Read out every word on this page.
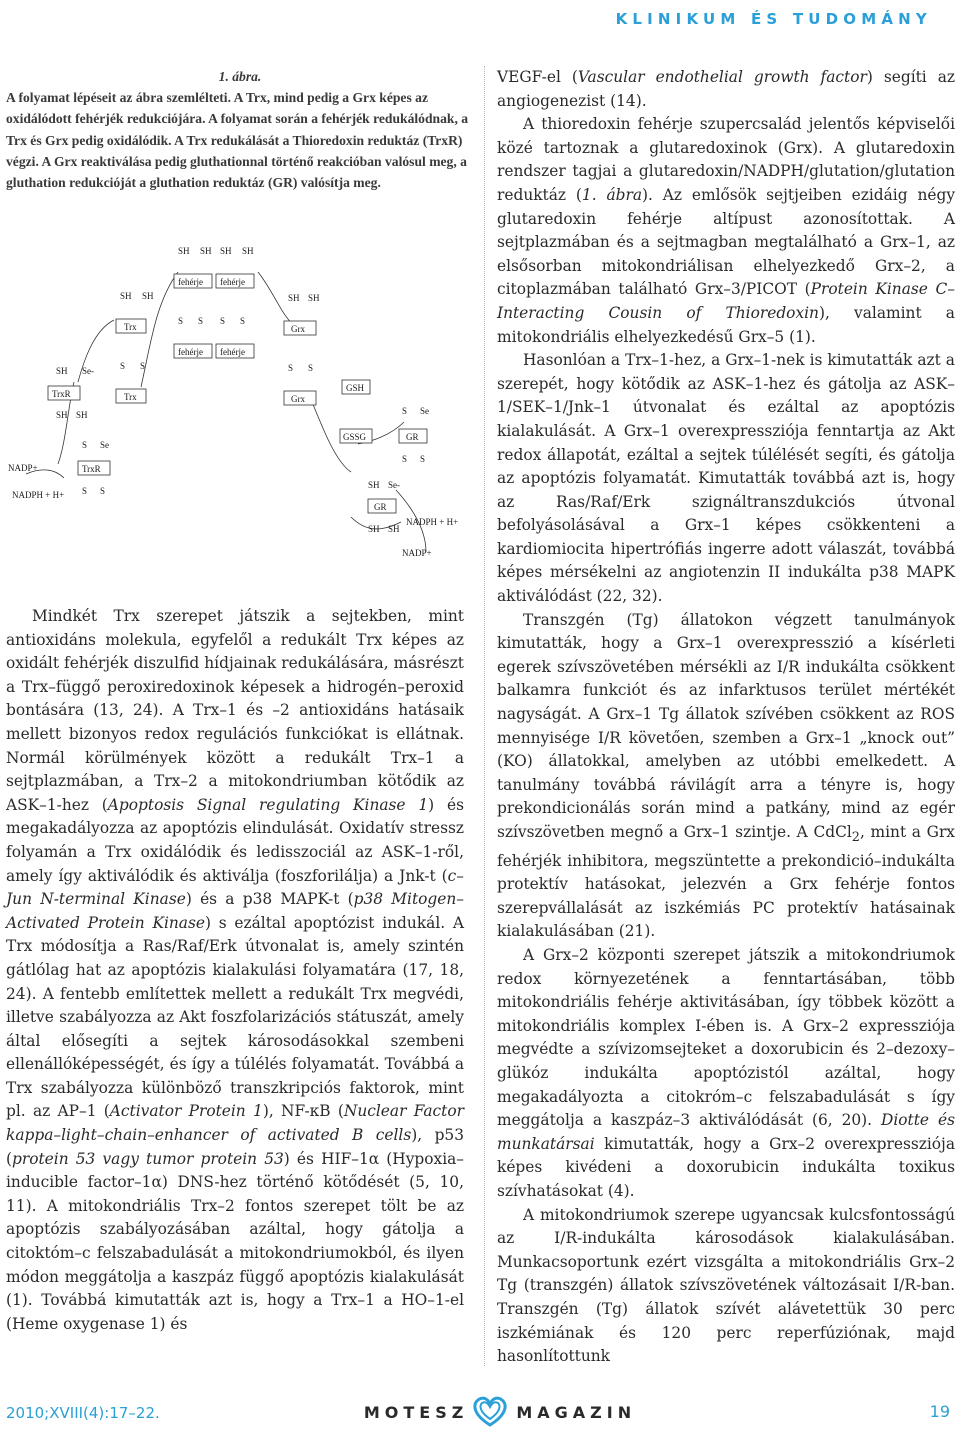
KLINIKUM ÉS TUDOMÁNY
1. ábra.
A folyamat lépéseit az ábra szemlélteti. A Trx, mind pedig a Grx képes az oxidálódott fehérjék redukciójára. A folyamat során a fehérjék redukálódnak, a Trx és Grx pedig oxidálódik. A Trx redukálását a Thioredoxin reduktáz (TrxR) végzi. A Grx reaktiválása pedig gluthationnal történő reakcióban valósul meg, a gluthation redukcióját a gluthation reduktáz (GR) valósítja meg.
NADP+
NADPH + H+
SH Se-
TrxR
SH SH
S Se
TrxR
S S
SH SH
Trx
S S
Trx
SH SH SH SH
fehérje fehérje
S S S S
fehérje fehérje
SH SH
Grx
S S
Grx
GSH
GSSG
S Se
GR
S S
SH Se-
GR
SH SH
NADPH + H+
NADP+
Mindkét Trx szerepet játszik a sejtekben, mint antioxidáns molekula, egyfelől a redukált Trx képes az oxidált fehérjék diszulfid hídjainak redukálására, másrészt a Trx–függő peroxiredoxinok képesek a hidrogén–peroxid bontására (13, 24). A Trx–1 és –2 antioxidáns hatásaik mellett bizonyos redox regulációs funkciókat is ellátnak. Normál körülmények között a redukált Trx–1 a sejtplazmában, a Trx–2 a mitokondriumban kötődik az ASK–1-hez (Apoptosis Signal regulating Kinase 1) és megakadályozza az apoptózis elindulását. Oxidatív stressz folyamán a Trx oxidálódik és ledisszociál az ASK–1-ről, amely így aktiválódik és aktiválja (foszforilálja) a Jnk-t (c–Jun N-terminal Kinase) és a p38 MAPK-t (p38 Mitogen–Activated Protein Kinase) s ezáltal apoptózist indukál. A Trx módosítja a Ras/Raf/Erk útvonalat is, amely szintén gátlólag hat az apoptózis kialakulási folyamatára (17, 18, 24). A fentebb említettek mellett a redukált Trx megvédi, illetve szabályozza az Akt foszfolarizációs státuszát, amely által elősegíti a sejtek károsodásokkal szembeni ellenállóképességét, és így a túlélés folyamatát. Továbbá a Trx szabályozza különböző transzkripciós faktorok, mint pl. az AP–1 (Activator Protein 1), NF-κB (Nuclear Factor kappa–light–chain–enhancer of activated B cells), p53 (protein 53 vagy tumor protein 53) és HIF–1α (Hypoxia–inducible factor–1α) DNS-hez történő kötődését (5, 10, 11). A mitokondriális Trx–2 fontos szerepet tölt be az apoptózis szabályozásában azáltal, hogy gátolja a citoktóm–c felszabadulását a mitokondriumokból, és ilyen módon meggátolja a kaszpáz függő apoptózis kialakulását (1). Továbbá kimutatták azt is, hogy a Trx–1 a HO–1-el (Heme oxygenase 1) és

VEGF-el (Vascular endothelial growth factor) segíti az angiogenezist (14).

A thioredoxin fehérje szupercsalád jelentős képviselői közé tartoznak a glutaredoxinok (Grx). A glutaredoxin rendszer tagjai a glutaredoxin/NADPH/glutation/glutation reduktáz (1. ábra). Az emlősök sejtjeiben ezidáig négy glutaredoxin fehérje altípust azonosítottak. A sejtplazmában és a sejtmagban megtalálható a Grx–1, az elsősorban mitokondriálisan elhelyezkedő Grx–2, a citoplazmában található Grx–3/PICOT (Protein Kinase C–Interacting Cousin of Thioredoxin), valamint a mitokondriális elhelyezkedésű Grx–5 (1).

Hasonlóan a Trx–1-hez, a Grx–1-nek is kimutatták azt a szerepét, hogy kötődik az ASK–1-hez és gátolja az ASK–1/SEK–1/Jnk–1 útvonalat és ezáltal az apoptózis kialakulását. A Grx–1 overexpressziója fenntartja az Akt redox állapotát, ezáltal a sejtek túlélését segíti, és gátolja az apoptózis folyamatát. Kimutatták továbbá azt is, hogy az Ras/Raf/Erk szignáltranszdukciós útvonal befolyásolásával a Grx–1 képes csökkenteni a kardiomiocita hipertrófiás ingerre adott válaszát, továbbá képes mérsékelni az angiotenzin II indukálta p38 MAPK aktiválódást (22, 32).

Transzgén (Tg) állatokon végzett tanulmányok kimutatták, hogy a Grx–1 overexpresszió a kísérleti egerek szívszövetében mérsékli az I/R indukálta csökkent balkamra funkciót és az infarktusos terület mértékét nagyságát. A Grx–1 Tg állatok szívében csökkent az ROS mennyisége I/R követően, szemben a Grx–1 „knock out” (KO) állatokkal, amelyben az utóbbi emelkedett. A tanulmány továbbá rávilágít arra a tényre is, hogy prekondicionálás során mind a patkány, mind az egér szívszövetben megnő a Grx–1 szintje. A CdCl$_2$, mint a Grx fehérjék inhibitora, megszüntette a prekondició–indukálta protektív hatásokat, jelezvén a Grx fehérje fontos szerepvállalását az iszkémiás PC protektív hatásainak kialakulásában (21).

A Grx–2 központi szerepet játszik a mitokondriumok redox környezetének a fenntartásában, több mitokondriális fehérje aktivitásában, így többek között a mitokondriális komplex I-ében is. A Grx–2 expressziója megvédte a szívizomsejteket a doxorubicin és 2–dezoxy–glükóz indukálta apoptózistól azáltal, hogy megakadályozta a citokróm–c felszabadulását s így meggátolja a kaszpáz–3 aktiválódását (6, 20). Diotte és munkatársai kimutatták, hogy a Grx–2 overexpressziója képes kivédeni a doxorubicin indukálta toxikus szívhatásokat (4).

A mitokondriumok szerepe ugyancsak kulcsfontosságú az I/R-indukálta károsodások kialakulásában. Munkacsoportunk ezért vizsgálta a mitokondriális Grx–2 Tg (transzgén) állatok szívszövetének változásait I/R-ban. Transzgén (Tg) állatok szívét alávetettük 30 perc iszkémiának és 120 perc reperfúziónak, majd hasonlítottunk

2010;XVIII(4):17–22.	MOTESZ	MAGAZIN	19
